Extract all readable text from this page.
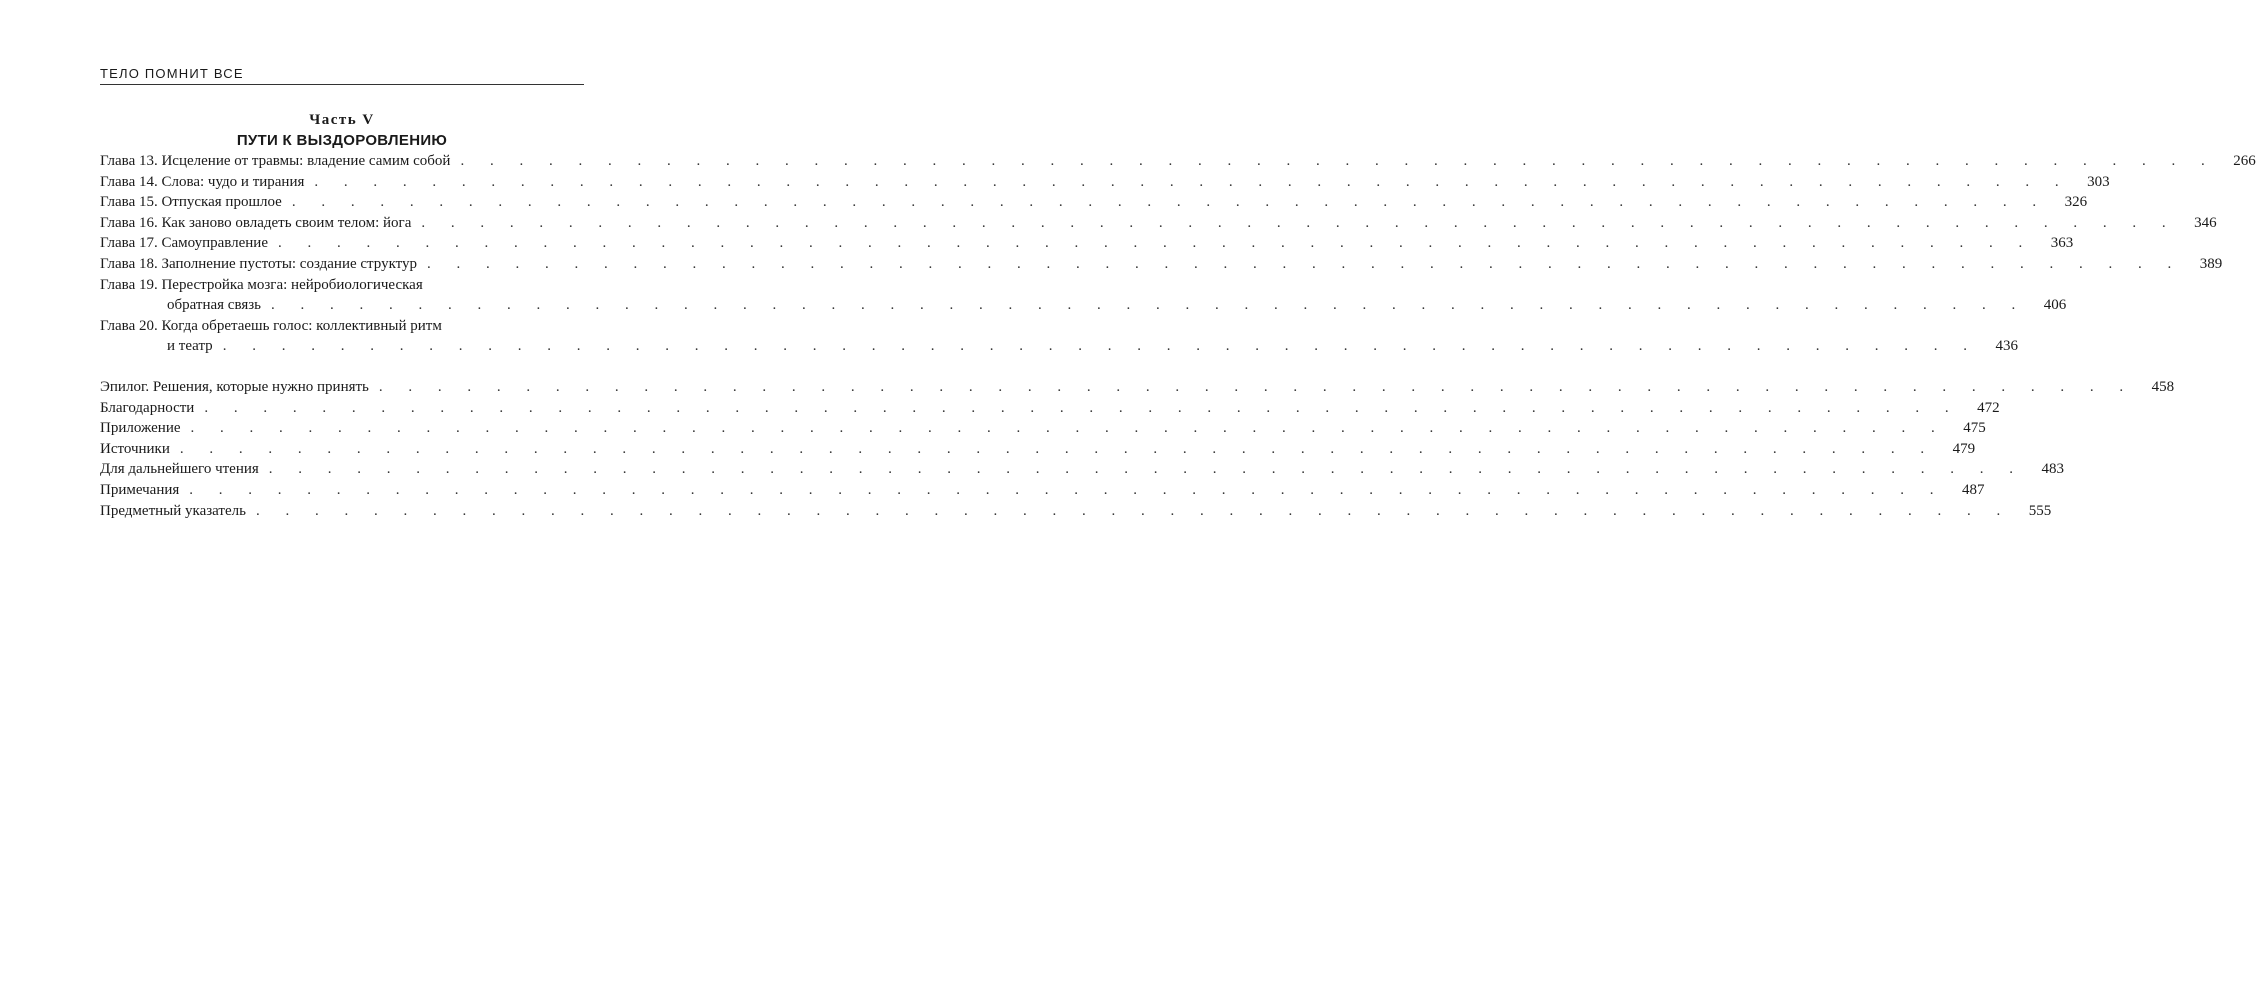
ТЕЛО ПОМНИТ ВСЕ
Часть V
ПУТИ К ВЫЗДОРОВЛЕНИЮ
Глава 13. Исцеление от травмы: владение самим собой . . . . . . . . . . . . . . . . . . . . . . . . . . . . . . . . . . . . . . . . . . . . . . . . . . . . . . . . . . . .	266
Глава 14. Слова: чудо и тирания . . . . . . . . . . . . . . . . . . . . . . . . . . . . . . . . . . . . . . . . . . . . . . . . . . . . . . . . . . . .	303
Глава 15. Отпуская прошлое . . . . . . . . . . . . . . . . . . . . . . . . . . . . . . . . . . . . . . . . . . . . . . . . . . . . . . . . . . . .	326
Глава 16. Как заново овладеть своим телом: йога . . . . . . . . . . . . . . . . . . . . . . . . . . . . . . . . . . . . . . . . . . . . . . . . . . . . . . . . . . . .	346
Глава 17. Самоуправление . . . . . . . . . . . . . . . . . . . . . . . . . . . . . . . . . . . . . . . . . . . . . . . . . . . . . . . . . . . .	363
Глава 18. Заполнение пустоты: создание структур . . . . . . . . . . . . . . . . . . . . . . . . . . . . . . . . . . . . . . . . . . . . . . . . . . . . . . . . . . . .	389
Глава 19. Перестройка мозга: нейробиологическая
обратная связь . . . . . . . . . . . . . . . . . . . . . . . . . . . . . . . . . . . . . . . . . . . . . . . . . . . . . . . . . . . .	406
Глава 20. Когда обретаешь голос: коллективный ритм
и театр . . . . . . . . . . . . . . . . . . . . . . . . . . . . . . . . . . . . . . . . . . . . . . . . . . . . . . . . . . . .	436
Эпилог. Решения, которые нужно принять . . . . . . . . . . . . . . . . . . . . . . . . . . . . . . . . . . . . . . . . . . . . . . . . . . . . . . . . . . . .	458
Благодарности . . . . . . . . . . . . . . . . . . . . . . . . . . . . . . . . . . . . . . . . . . . . . . . . . . . . . . . . . . . .	472
Приложение . . . . . . . . . . . . . . . . . . . . . . . . . . . . . . . . . . . . . . . . . . . . . . . . . . . . . . . . . . . .	475
Источники . . . . . . . . . . . . . . . . . . . . . . . . . . . . . . . . . . . . . . . . . . . . . . . . . . . . . . . . . . . .	479
Для дальнейшего чтения . . . . . . . . . . . . . . . . . . . . . . . . . . . . . . . . . . . . . . . . . . . . . . . . . . . . . . . . . . . .	483
Примечания . . . . . . . . . . . . . . . . . . . . . . . . . . . . . . . . . . . . . . . . . . . . . . . . . . . . . . . . . . . .	487
Предметный указатель . . . . . . . . . . . . . . . . . . . . . . . . . . . . . . . . . . . . . . . . . . . . . . . . . . . . . . . . . . . .	555
